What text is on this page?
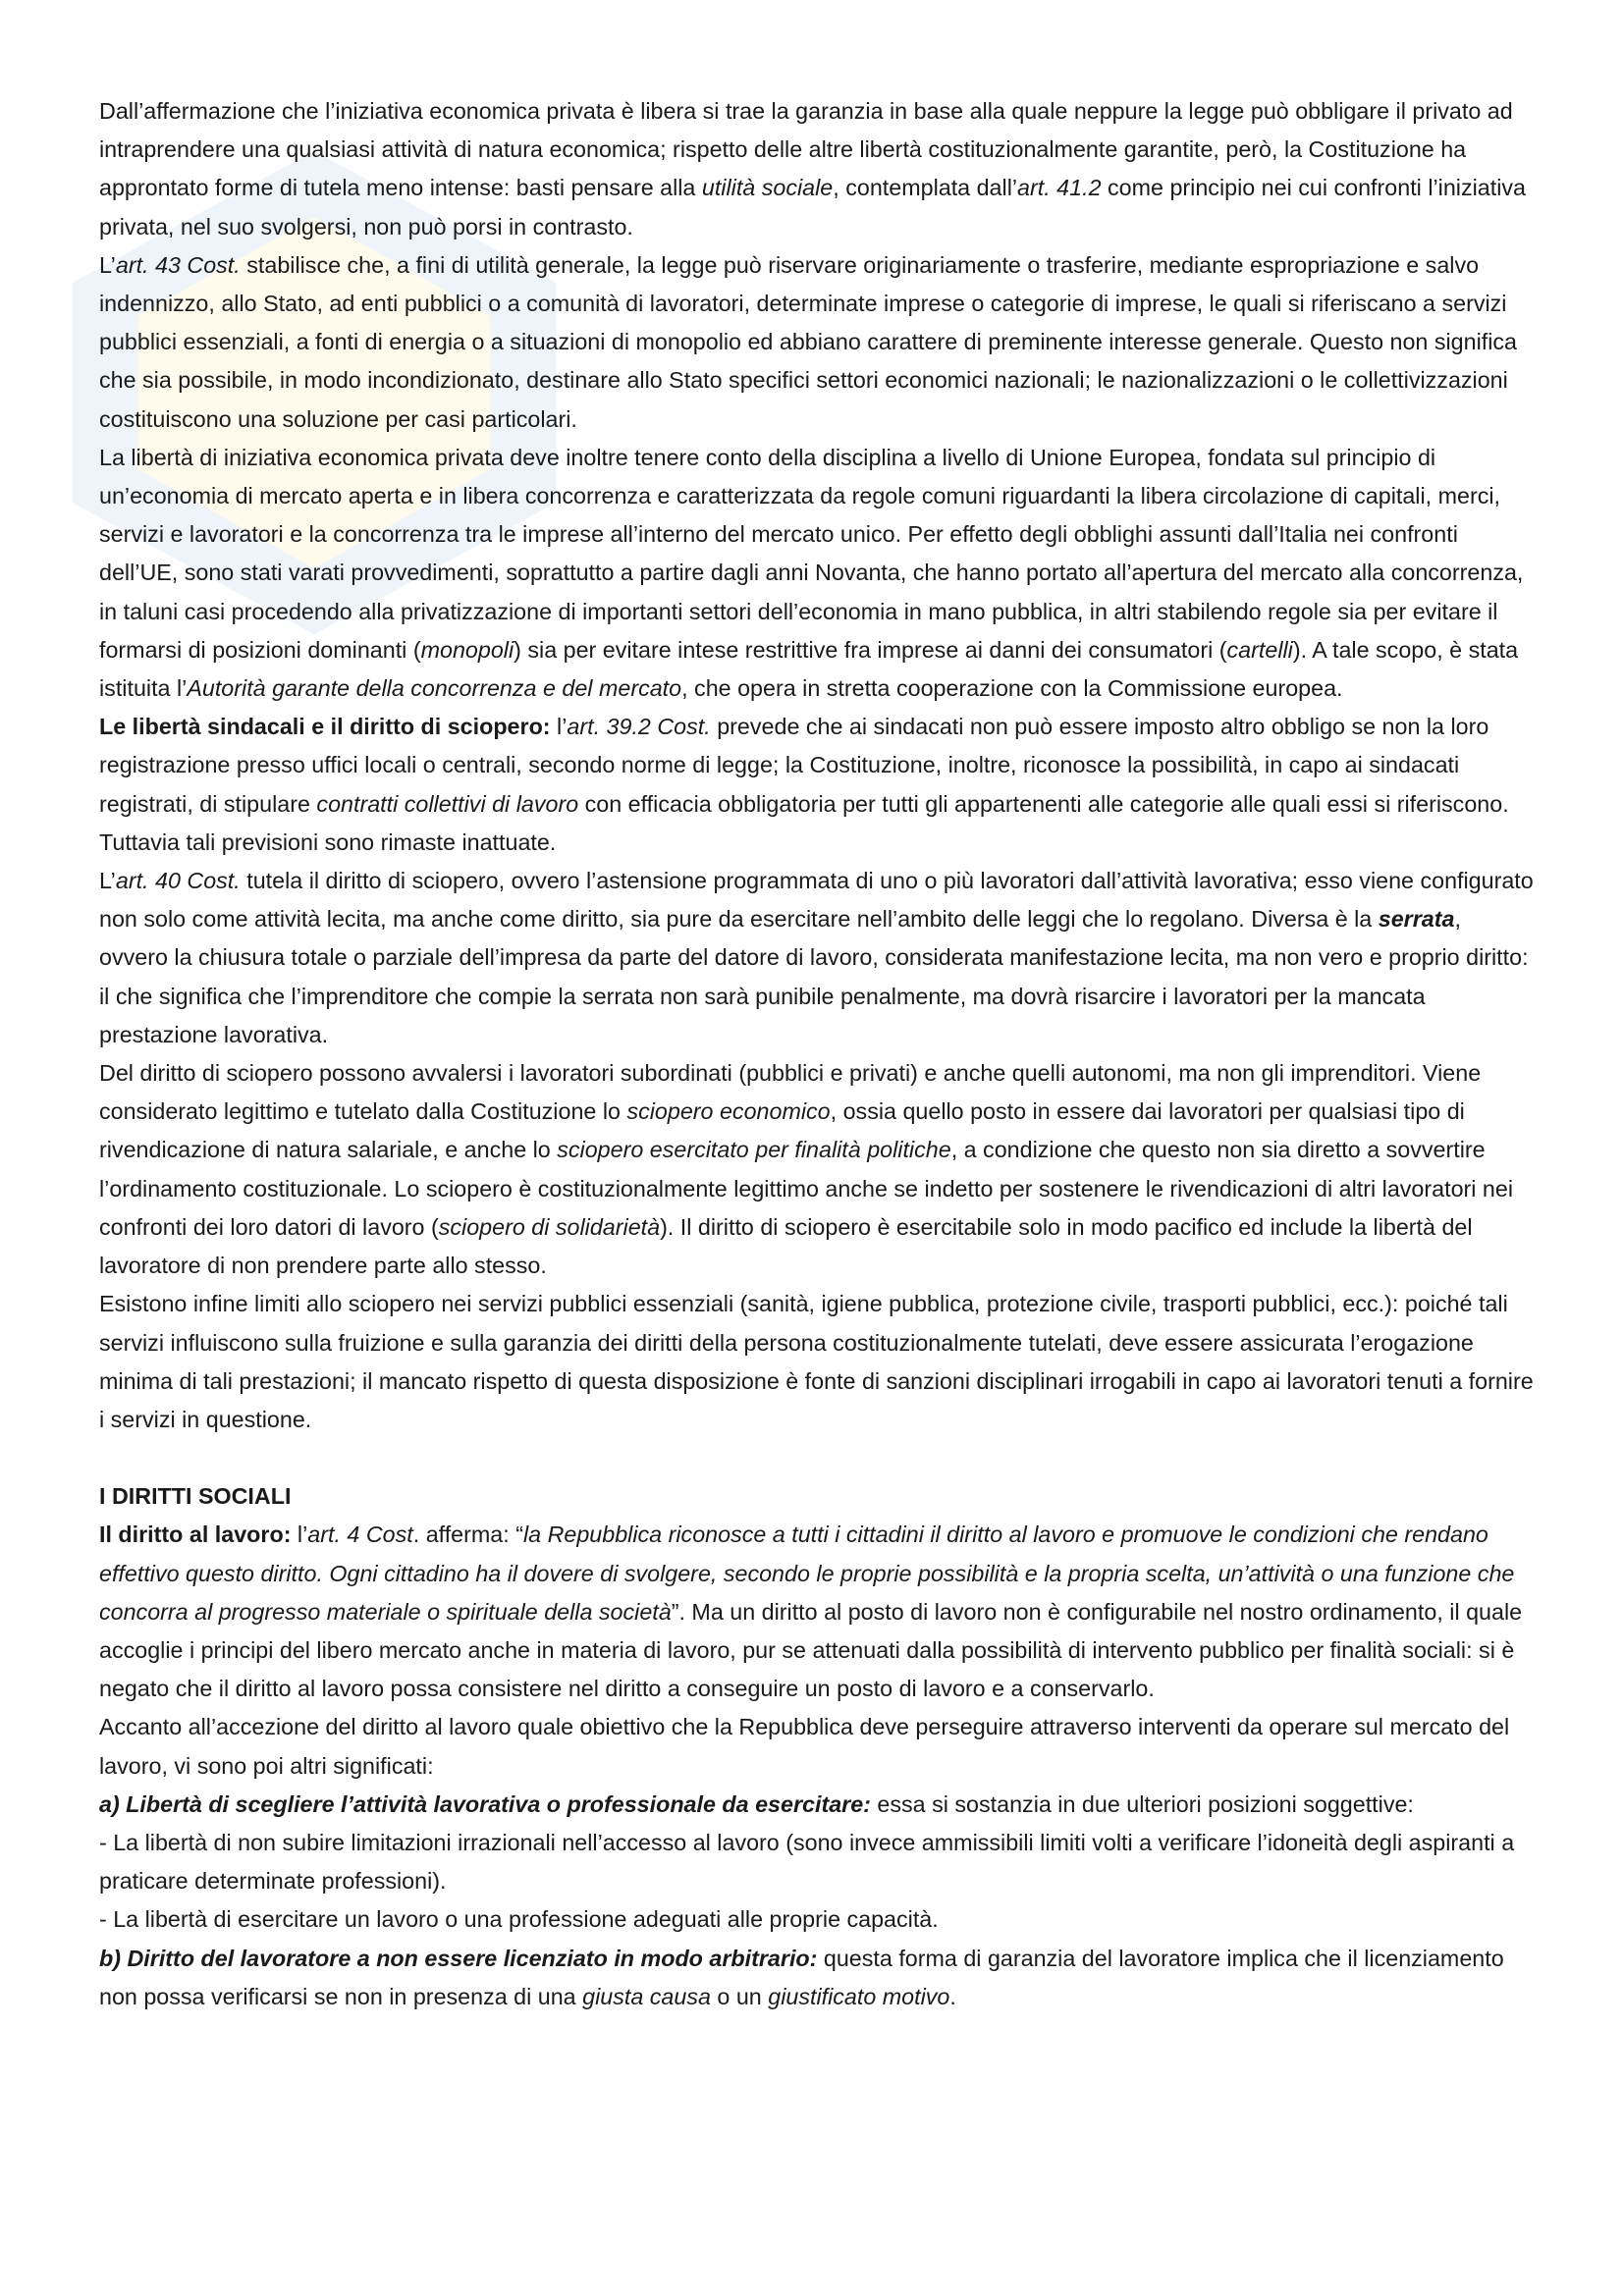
Dall’affermazione che l’iniziativa economica privata è libera si trae la garanzia in base alla quale neppure la legge può obbligare il privato ad intraprendere una qualsiasi attività di natura economica; rispetto delle altre libertà costituzionalmente garantite, però, la Costituzione ha approntato forme di tutela meno intense: basti pensare alla utilità sociale, contemplata dall’art. 41.2 come principio nei cui confronti l’iniziativa privata, nel suo svolgersi, non può porsi in contrasto.
L’art. 43 Cost. stabilisce che, a fini di utilità generale, la legge può riservare originariamente o trasferire, mediante espropriazione e salvo indennizzo, allo Stato, ad enti pubblici o a comunità di lavoratori, determinate imprese o categorie di imprese, le quali si riferiscano a servizi pubblici essenziali, a fonti di energia o a situazioni di monopolio ed abbiano carattere di preminente interesse generale. Questo non significa che sia possibile, in modo incondizionato, destinare allo Stato specifici settori economici nazionali; le nazionalizzazioni o le collettivizzazioni costituiscono una soluzione per casi particolari.
La libertà di iniziativa economica privata deve inoltre tenere conto della disciplina a livello di Unione Europea, fondata sul principio di un’economia di mercato aperta e in libera concorrenza e caratterizzata da regole comuni riguardanti la libera circolazione di capitali, merci, servizi e lavoratori e la concorrenza tra le imprese all’interno del mercato unico. Per effetto degli obblighi assunti dall’Italia nei confronti dell’UE, sono stati varati provvedimenti, soprattutto a partire dagli anni Novanta, che hanno portato all’apertura del mercato alla concorrenza, in taluni casi procedendo alla privatizzazione di importanti settori dell’economia in mano pubblica, in altri stabilendo regole sia per evitare il formarsi di posizioni dominanti (monopoli) sia per evitare intese restrittive fra imprese ai danni dei consumatori (cartelli). A tale scopo, è stata istituita l’Autorità garante della concorrenza e del mercato, che opera in stretta cooperazione con la Commissione europea.
Le libertà sindacali e il diritto di sciopero: l’art. 39.2 Cost. prevede che ai sindacati non può essere imposto altro obbligo se non la loro registrazione presso uffici locali o centrali, secondo norme di legge; la Costituzione, inoltre, riconosce la possibilità, in capo ai sindacati registrati, di stipulare contratti collettivi di lavoro con efficacia obbligatoria per tutti gli appartenenti alle categorie alle quali essi si riferiscono. Tuttavia tali previsioni sono rimaste inattuate.
L’art. 40 Cost. tutela il diritto di sciopero, ovvero l’astensione programmata di uno o più lavoratori dall’attività lavorativa; esso viene configurato non solo come attività lecita, ma anche come diritto, sia pure da esercitare nell’ambito delle leggi che lo regolano. Diversa è la serrata, ovvero la chiusura totale o parziale dell’impresa da parte del datore di lavoro, considerata manifestazione lecita, ma non vero e proprio diritto: il che significa che l’imprenditore che compie la serrata non sarà punibile penalmente, ma dovrà risarcire i lavoratori per la mancata prestazione lavorativa.
Del diritto di sciopero possono avvalersi i lavoratori subordinati (pubblici e privati) e anche quelli autonomi, ma non gli imprenditori. Viene considerato legittimo e tutelato dalla Costituzione lo sciopero economico, ossia quello posto in essere dai lavoratori per qualsiasi tipo di rivendicazione di natura salariale, e anche lo sciopero esercitato per finalità politiche, a condizione che questo non sia diretto a sovvertire l’ordinamento costituzionale. Lo sciopero è costituzionalmente legittimo anche se indetto per sostenere le rivendicazioni di altri lavoratori nei confronti dei loro datori di lavoro (sciopero di solidarietà). Il diritto di sciopero è esercitabile solo in modo pacifico ed include la libertà del lavoratore di non prendere parte allo stesso.
Esistono infine limiti allo sciopero nei servizi pubblici essenziali (sanità, igiene pubblica, protezione civile, trasporti pubblici, ecc.): poiché tali servizi influiscono sulla fruizione e sulla garanzia dei diritti della persona costituzionalmente tutelati, deve essere assicurata l’erogazione minima di tali prestazioni; il mancato rispetto di questa disposizione è fonte di sanzioni disciplinari irrogabili in capo ai lavoratori tenuti a fornire i servizi in questione.
I DIRITTI SOCIALI
Il diritto al lavoro: l’art. 4 Cost. afferma: “la Repubblica riconosce a tutti i cittadini il diritto al lavoro e promuove le condizioni che rendano effettivo questo diritto. Ogni cittadino ha il dovere di svolgere, secondo le proprie possibilità e la propria scelta, un’attività o una funzione che concorra al progresso materiale o spirituale della società”. Ma un diritto al posto di lavoro non è configurabile nel nostro ordinamento, il quale accoglie i principi del libero mercato anche in materia di lavoro, pur se attenuati dalla possibilità di intervento pubblico per finalità sociali: si è negato che il diritto al lavoro possa consistere nel diritto a conseguire un posto di lavoro e a conservarlo.
Accanto all’accezione del diritto al lavoro quale obiettivo che la Repubblica deve perseguire attraverso interventi da operare sul mercato del lavoro, vi sono poi altri significati:
a) Libertà di scegliere l’attività lavorativa o professionale da esercitare: essa si sostanzia in due ulteriori posizioni soggettive:
- La libertà di non subire limitazioni irrazionali nell’accesso al lavoro (sono invece ammissibili limiti volti a verificare l’idoneità degli aspiranti a praticare determinate professioni).
- La libertà di esercitare un lavoro o una professione adeguati alle proprie capacità.
b) Diritto del lavoratore a non essere licenziato in modo arbitrario: questa forma di garanzia del lavoratore implica che il licenziamento non possa verificarsi se non in presenza di una giusta causa o un giustificato motivo.
